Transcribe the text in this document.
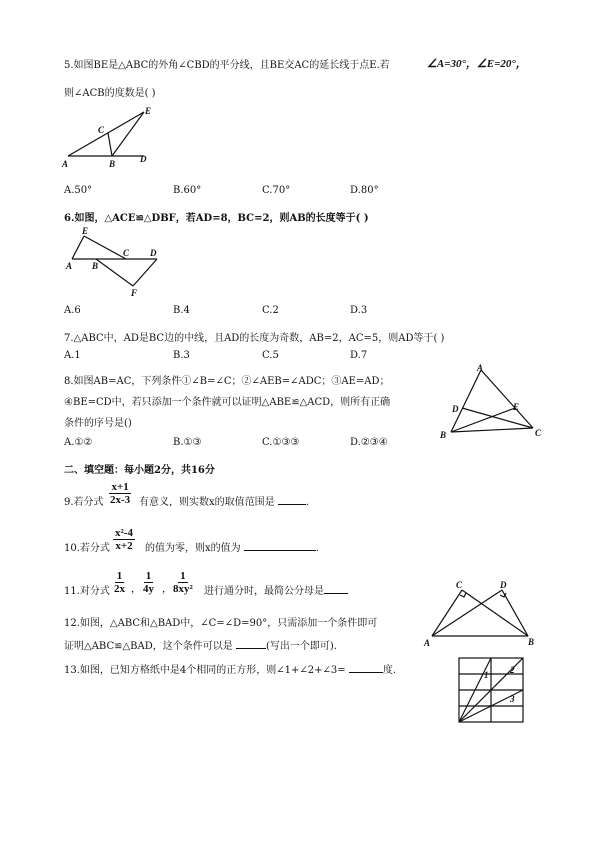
5.如图BE是△ABC的外角∠CBD的平分线，且BE交AC的延长线于点E.若	∠A=30°，∠E=20°，
则∠ACB的度数是( )
A	B
C
D
E
A.50°	B.60°	C.70°	D.80°
6.如图，△ACE≌△DBF，若AD=8，BC=2，则AB的长度等于( )
A B
C D
E
F
A.6	B.4	C.2	D.3
7.△ABC中，AD是BC边的中线，且AD的长度为奇数，AB=2，AC=5，则AD等于( )
A.1	B.3	C.5	D.7
8.如图AB=AC，下列条件①∠B=∠C；②∠AEB=∠ADC；③AE=AD；
④BE=CD中，若只添加一个条件就可以证明△ABE≌△ACD，则所有正确
条件的序号是()
A
D	E
B	C
A.①②	B.①③	C.①③③	D.②③④
二、填空题：每小题2分，共16分
9.若分式 $\frac{x+1}{2x-3}$ 有意义，则实数x的取值范围是	.
10.若分式 $\frac{\text{x²-4}}{x+2}$ 的值为零，则x的值为	.
11.对分式 $\frac{1}{2x}$ ， $\frac{1}{4y}$ ， $\frac{1}{\text{8xy²}}$ 进行通分时，最简公分母是
C	D
A	B
12.如图，△ABC和△BAD中，∠C=∠D=90°，只需添加一个条件即可
证明△ABC≌△BAD，这个条件可以是	(写出一个即可).
13.如图，已知方格纸中是4个相同的正方形，则∠1+∠2+∠3=	度.	1 2
3
